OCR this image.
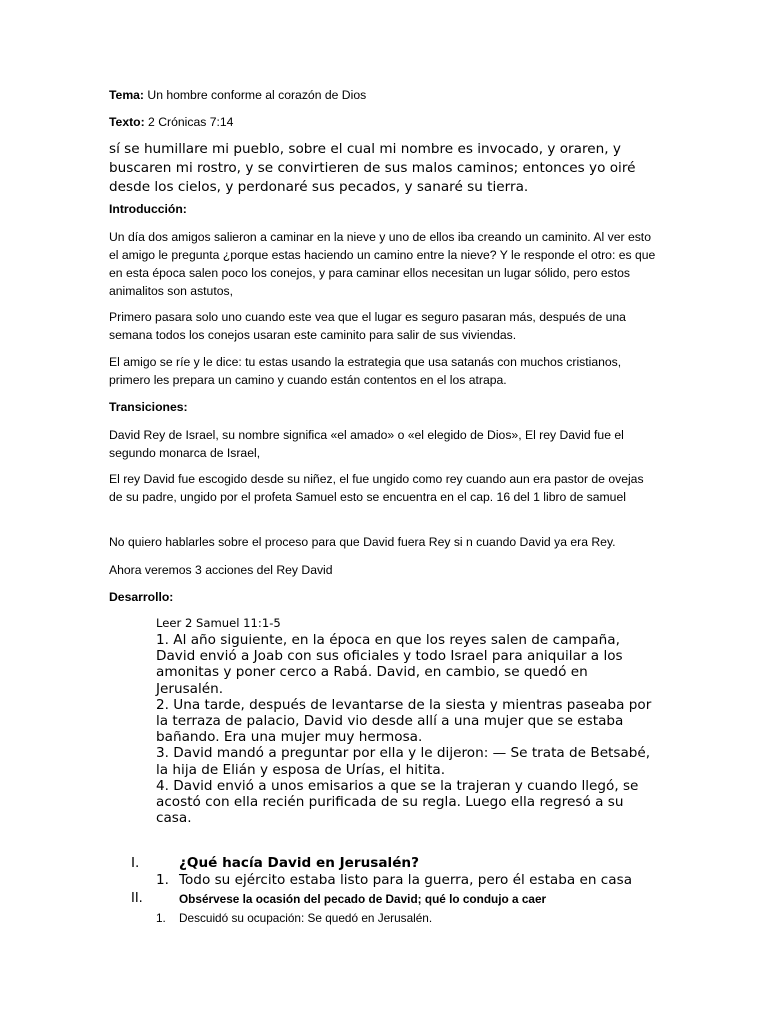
Tema: Un hombre conforme al corazón de Dios

Texto: 2 Crónicas 7:14

sí se humillare mi pueblo, sobre el cual mi nombre es invocado, y oraren, y buscaren mi rostro, y se convirtieren de sus malos caminos; entonces yo oiré desde los cielos, y perdonaré sus pecados, y sanaré su tierra.

Introducción:

Un día dos amigos salieron a caminar en la nieve y uno de ellos iba creando un caminito. Al ver esto el amigo le pregunta ¿porque estas haciendo un camino entre la nieve? Y le responde el otro: es que en esta época salen poco los conejos, y para caminar ellos necesitan un lugar sólido, pero estos animalitos son astutos,

Primero pasara solo uno cuando este vea que el lugar es seguro pasaran más, después de una semana todos los conejos usaran este caminito para salir de sus viviendas.

El amigo se ríe y le dice: tu estas usando la estrategia que usa satanás con muchos cristianos, primero les prepara un camino y cuando están contentos en el los atrapa.

Transiciones:

David Rey de Israel, su nombre significa «el amado» o «el elegido de Dios», El rey David fue el segundo monarca de Israel,

El rey David fue escogido desde su niñez, el fue ungido como rey cuando aun era pastor de ovejas de su padre, ungido por el profeta Samuel esto se encuentra en el cap. 16 del 1 libro de samuel

No quiero hablarles sobre el proceso para que David fuera Rey si n cuando David ya era Rey.

Ahora veremos 3 acciones del Rey David

Desarrollo:

Leer 2 Samuel 11:1-5

1. Al año siguiente, en la época en que los reyes salen de campaña, David envió a Joab con sus oficiales y todo Israel para aniquilar a los amonitas y poner cerco a Rabá. David, en cambio, se quedó en Jerusalén.
2. Una tarde, después de levantarse de la siesta y mientras paseaba por la terraza de palacio, David vio desde allí a una mujer que se estaba bañando. Era una mujer muy hermosa.
3. David mandó a preguntar por ella y le dijeron: — Se trata de Betsabé, la hija de Elián y esposa de Urías, el hitita.
4. David envió a unos emisarios a que se la trajeran y cuando llegó, se acostó con ella recién purificada de su regla. Luego ella regresó a su casa.
I.	¿Qué hacía David en Jerusalén?
1. Todo su ejército estaba listo para la guerra, pero él estaba en casa
II.	Obsérvese la ocasión del pecado de David; qué lo condujo a caer
1. Descuidó su ocupación: Se quedó en Jerusalén.
